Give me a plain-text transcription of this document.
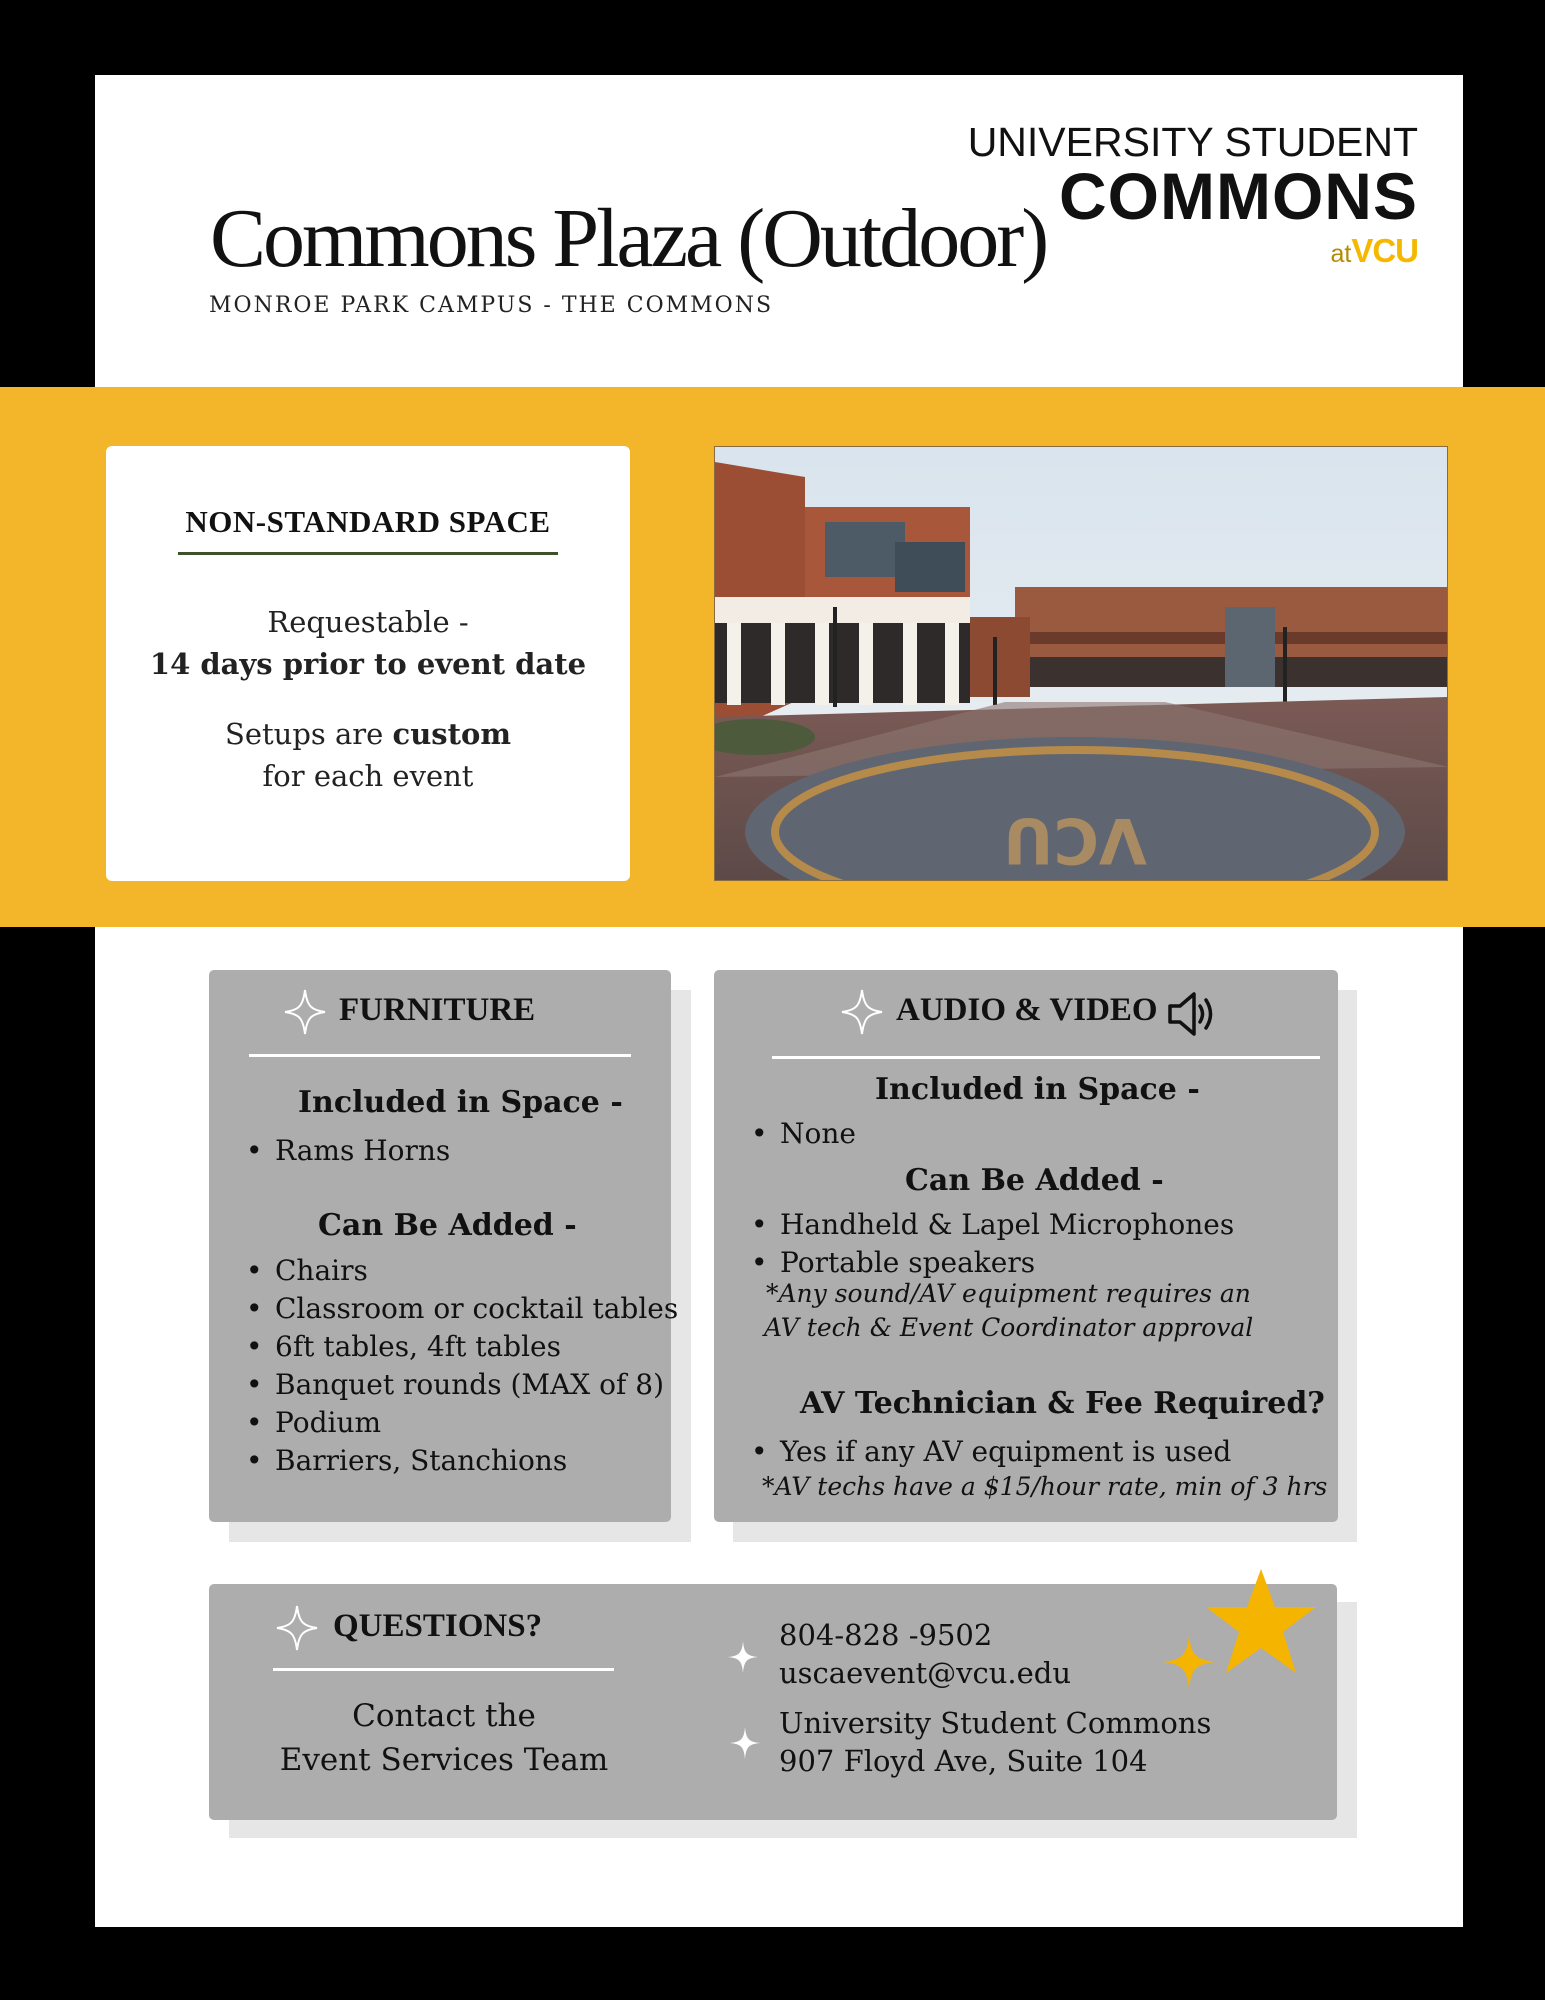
Commons Plaza (Outdoor)
MONROE PARK CAMPUS - THE COMMONS
UNIVERSITY STUDENT
COMMONS
atVCU
NON-STANDARD SPACE
Requestable -
14 days prior to event date
Setups are custom
for each event
VCU
FURNITURE
Included in Space -
• Rams Horns
Can Be Added -
• Chairs
• Classroom or cocktail tables
• 6ft tables, 4ft tables
• Banquet rounds (MAX of 8)
• Podium
• Barriers, Stanchions
AUDIO & VIDEO
Included in Space -
• None
Can Be Added -
• Handheld & Lapel Microphones
• Portable speakers
*Any sound/AV equipment requires an
AV tech & Event Coordinator approval
AV Technician & Fee Required?
• Yes if any AV equipment is used
*AV techs have a $15/hour rate, min of 3 hrs
QUESTIONS?
Contact the
Event Services Team
804-828 -9502
uscaevent@vcu.edu
University Student Commons
907 Floyd Ave, Suite 104
